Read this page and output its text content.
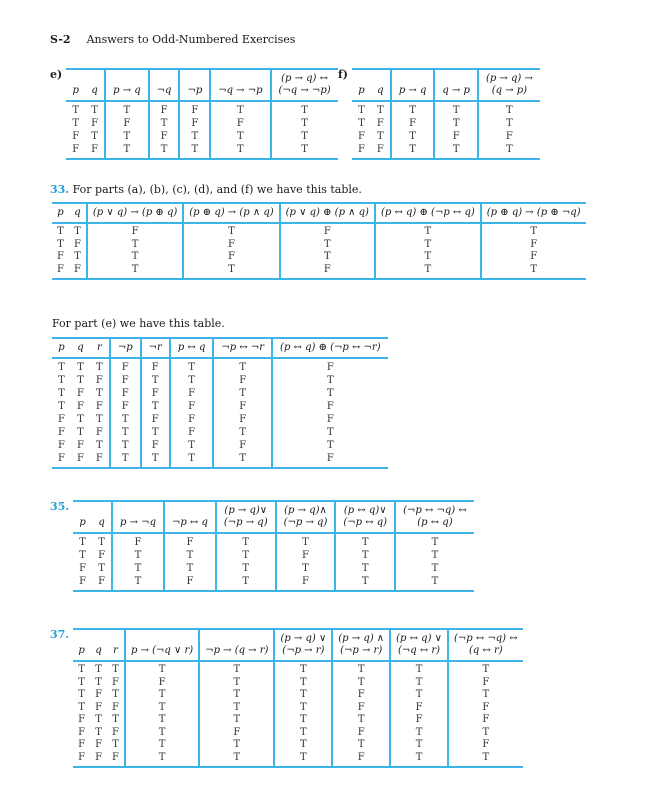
S-2 Answers to Odd-Numbered Exercises
e)
p	q	p → q	¬q	¬p	¬q → ¬p	(p → q) ↔
(¬q → ¬p)

T	T	T	F	F	T	T
T	F	F	T	F	F	T
F	T	T	F	T	T	T
F	F	T	T	T	T	T
f)
p	q	p → q	q → p	(p → q) →
(q → p)

T	T	T	T	T
T	F	F	T	T
F	T	T	F	F
F	F	T	T	T
33. For parts (a), (b), (c), (d), and (f) we have this table.
p	q	(p ∨ q) → (p ⊕ q)	(p ⊕ q) → (p ∧ q)	(p ∨ q) ⊕ (p ∧ q)	(p ↔ q) ⊕ (¬p ↔ q)	(p ⊕ q) → (p ⊕ ¬q)

T	T	F	T	F	T	T
T	F	T	F	T	T	F
F	T	T	F	T	T	F
F	F	T	T	F	T	T
For part (e) we have this table.
p	q	r	¬p	¬r	p ↔ q	¬p ↔ ¬r	(p ↔ q) ⊕ (¬p ↔ ¬r)

T	T	T	F	F	T	T	F
T	T	F	F	T	T	F	T
T	F	T	F	F	F	T	T
T	F	F	F	T	F	F	F
F	T	T	T	F	F	F	F
F	T	F	T	T	F	T	T
F	F	T	T	F	T	F	T
F	F	F	T	T	T	T	F
35.
p	q	p → ¬q	¬p ↔ q

(p → q)∨
(¬p → q)

(p → q)∧
(¬p → q)

(p ↔ q)∨
(¬p ↔ q)

(¬p ↔ ¬q) ↔
(p ↔ q)

T	T	F	F	T	T	T	T
T	F	T	T	T	F	T	T
F	T	T	T	T	T	T	T
F	F	T	F	T	F	T	T
37.
p	q	r	p → (¬q ∨ r)	¬p → (q → r)

(p → q) ∨
(¬p → r)

(p → q) ∧
(¬p → r)

(p ↔ q) ∨
(¬q ↔ r)

(¬p ↔ ¬q) ↔
(q ↔ r)

T	T	T	T	T	T	T	T	T
T	T	F	F	T	T	T	T	F
T	F	T	T	T	T	F	T	T
T	F	F	T	T	T	F	F	F
F	T	T	T	T	T	T	F	F
F	T	F	T	F	T	F	T	T
F	F	T	T	T	T	T	T	F
F	F	F	T	T	T	F	T	T
